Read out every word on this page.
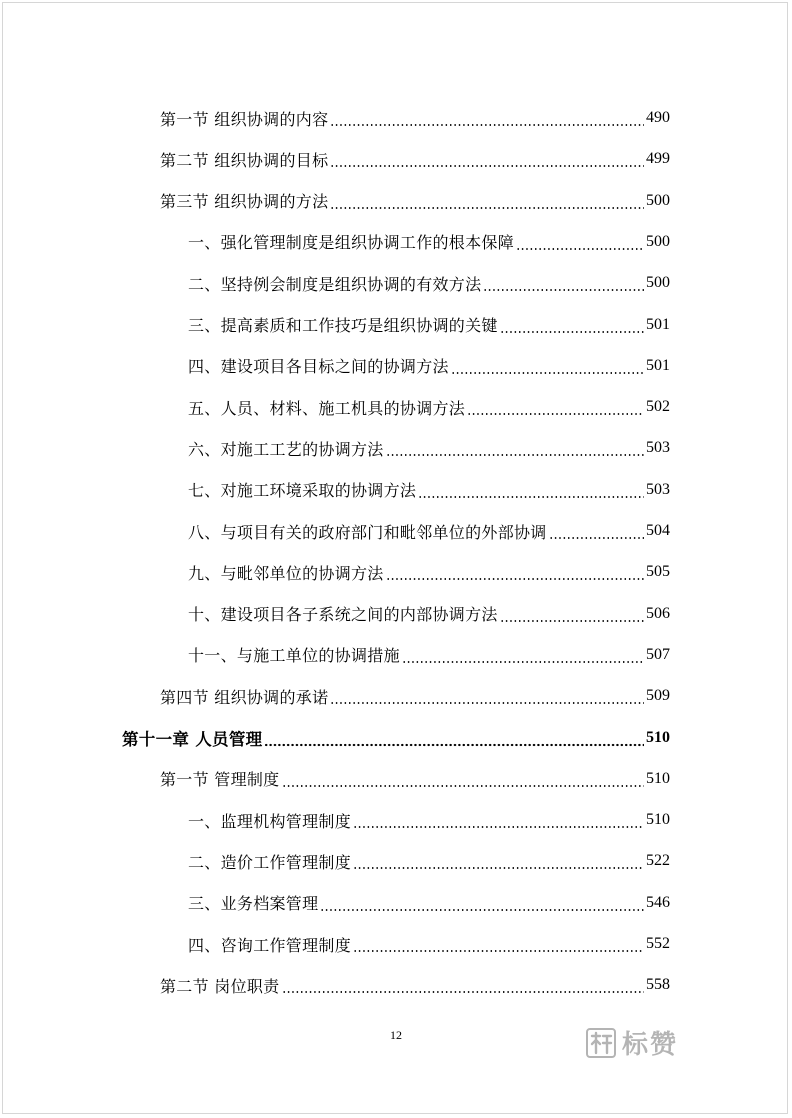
第一节 组织协调的内容	490
第二节 组织协调的目标	499
第三节 组织协调的方法	500
一、强化管理制度是组织协调工作的根本保障	500
二、坚持例会制度是组织协调的有效方法	500
三、提高素质和工作技巧是组织协调的关键	501
四、建设项目各目标之间的协调方法	501
五、人员、材料、施工机具的协调方法	502
六、对施工工艺的协调方法	503
七、对施工环境采取的协调方法	503
八、与项目有关的政府部门和毗邻单位的外部协调	504
九、与毗邻单位的协调方法	505
十、建设项目各子系统之间的内部协调方法	506
十一、与施工单位的协调措施	507
第四节 组织协调的承诺	509
第十一章 人员管理	510
第一节 管理制度	510
一、监理机构管理制度	510
二、造价工作管理制度	522
三、业务档案管理	546
四、咨询工作管理制度	552
第二节 岗位职责	558
12	标赞
